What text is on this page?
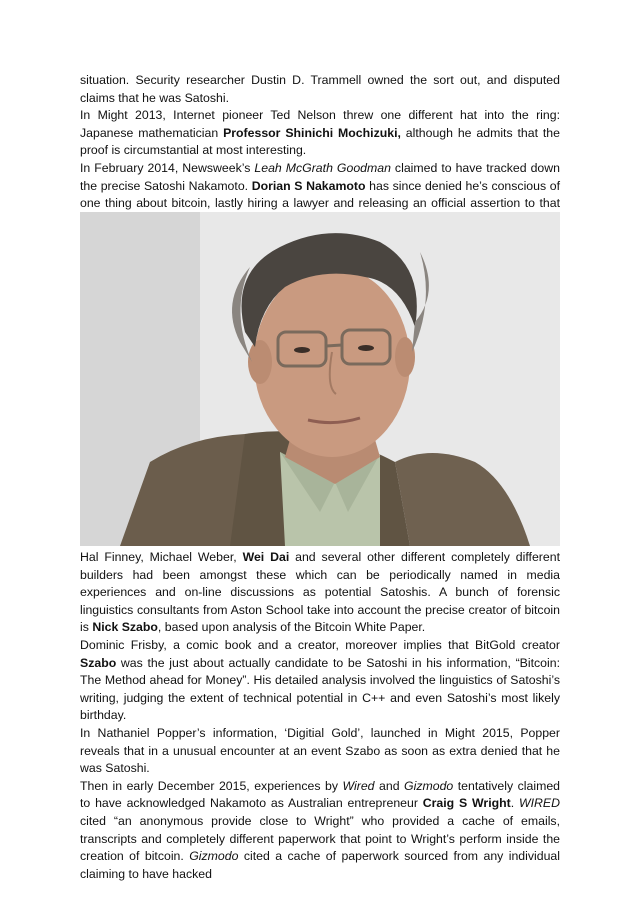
situation. Security researcher Dustin D. Trammell owned the sort out, and disputed claims that he was Satoshi.

In Might 2013, Internet pioneer Ted Nelson threw one different hat into the ring: Japanese mathematician Professor Shinichi Mochizuki, although he admits that the proof is circumstantial at most interesting.

In February 2014, Newsweek’s Leah McGrath Goodman claimed to have tracked down the precise Satoshi Nakamoto. Dorian S Nakamoto has since denied he’s conscious of one thing about bitcoin, lastly hiring a lawyer and releasing an official assertion to that

Hal Finney, Michael Weber, Wei Dai and several other different completely different builders had been amongst these which can be periodically named in media experiences and on-line discussions as potential Satoshis. A bunch of forensic linguistics consultants from Aston School take into account the precise creator of bitcoin is Nick Szabo, based upon analysis of the Bitcoin White Paper.

Dominic Frisby, a comic book and a creator, moreover implies that BitGold creator Szabo was the just about actually candidate to be Satoshi in his information, “Bitcoin: The Method ahead for Money”. His detailed analysis involved the linguistics of Satoshi’s writing, judging the extent of technical potential in C++ and even Satoshi’s most likely birthday.

In Nathaniel Popper’s information, ‘Digitial Gold’, launched in Might 2015, Popper reveals that in a unusual encounter at an event Szabo as soon as extra denied that he was Satoshi.

Then in early December 2015, experiences by Wired and Gizmodo tentatively claimed to have acknowledged Nakamoto as Australian entrepreneur Craig S Wright. WIRED cited “an anonymous provide close to Wright” who provided a cache of emails, transcripts and completely different paperwork that point to Wright’s perform inside the creation of bitcoin. Gizmodo cited a cache of paperwork sourced from any individual claiming to have hacked
